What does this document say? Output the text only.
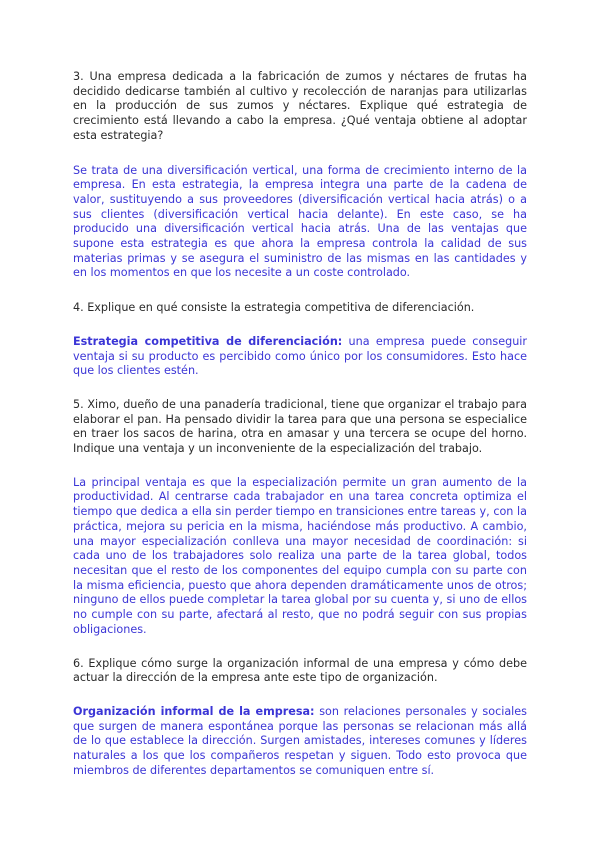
3. Una empresa dedicada a la fabricación de zumos y néctares de frutas ha decidido dedicarse también al cultivo y recolección de naranjas para utilizarlas en la producción de sus zumos y néctares. Explique qué estrategia de crecimiento está llevando a cabo la empresa. ¿Qué ventaja obtiene al adoptar esta estrategia?

Se trata de una diversificación vertical, una forma de crecimiento interno de la empresa. En esta estrategia, la empresa integra una parte de la cadena de valor, sustituyendo a sus proveedores (diversificación vertical hacia atrás) o a sus clientes (diversificación vertical hacia delante). En este caso, se ha producido una diversificación vertical hacia atrás. Una de las ventajas que supone esta estrategia es que ahora la empresa controla la calidad de sus materias primas y se asegura el suministro de las mismas en las cantidades y en los momentos en que los necesite a un coste controlado.

4. Explique en qué consiste la estrategia competitiva de diferenciación.

Estrategia competitiva de diferenciación: una empresa puede conseguir ventaja si su producto es percibido como único por los consumidores. Esto hace que los clientes estén.

5. Ximo, dueño de una panadería tradicional, tiene que organizar el trabajo para elaborar el pan. Ha pensado dividir la tarea para que una persona se especialice en traer los sacos de harina, otra en amasar y una tercera se ocupe del horno. Indique una ventaja y un inconveniente de la especialización del trabajo.

La principal ventaja es que la especialización permite un gran aumento de la productividad. Al centrarse cada trabajador en una tarea concreta optimiza el tiempo que dedica a ella sin perder tiempo en transiciones entre tareas y, con la práctica, mejora su pericia en la misma, haciéndose más productivo. A cambio, una mayor especialización conlleva una mayor necesidad de coordinación: si cada uno de los trabajadores solo realiza una parte de la tarea global, todos necesitan que el resto de los componentes del equipo cumpla con su parte con la misma eficiencia, puesto que ahora dependen dramáticamente unos de otros; ninguno de ellos puede completar la tarea global por su cuenta y, si uno de ellos no cumple con su parte, afectará al resto, que no podrá seguir con sus propias obligaciones.

6. Explique cómo surge la organización informal de una empresa y cómo debe actuar la dirección de la empresa ante este tipo de organización.

Organización informal de la empresa: son relaciones personales y sociales que surgen de manera espontánea porque las personas se relacionan más allá de lo que establece la dirección. Surgen amistades, intereses comunes y líderes naturales a los que los compañeros respetan y siguen. Todo esto provoca que miembros de diferentes departamentos se comuniquen entre sí.
